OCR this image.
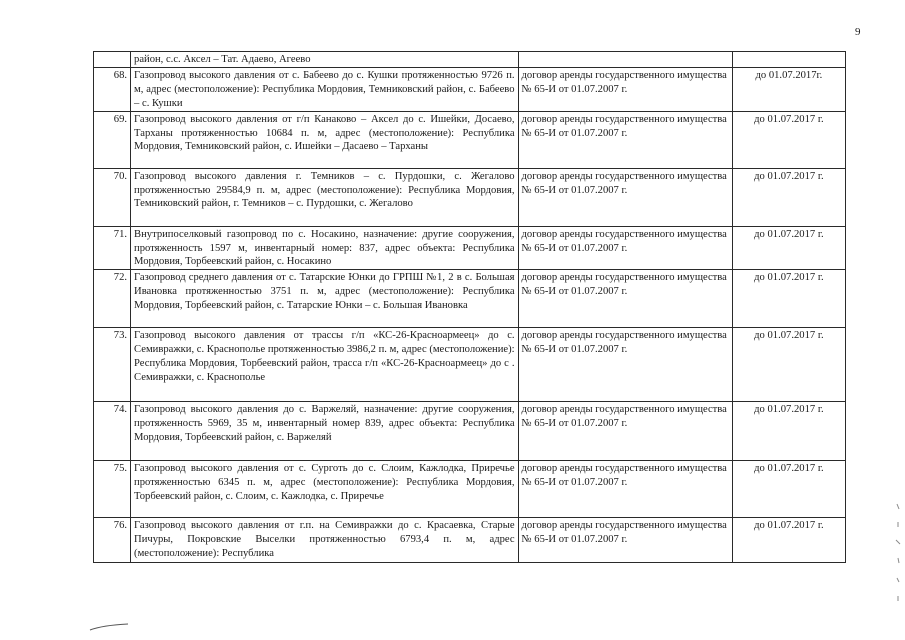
9
	район, с.с. Аксел – Тат. Адаево, Агеево		
68.	Газопровод высокого давления от с. Бабеево до с. Кушки протяженностью 9726 п. м, адрес (местоположение): Республика Мордовия, Темниковский район, с. Бабеево – с. Кушки	договор аренды государственного имущества № 65-И от 01.07.2007 г.	до 01.07.2017г.
69.	Газопровод высокого давления от г/п Канаково – Аксел до с. Ишейки, Досаево, Тарханы протяженностью 10684 п. м, адрес (местоположение): Республика Мордовия, Темниковский район, с. Ишейки – Дасаево – Тарханы	договор аренды государственного имущества № 65-И от 01.07.2007 г.	до 01.07.2017 г.
70.	Газопровод высокого давления г. Темников – с. Пурдошки, с. Жегалово протяженностью 29584,9 п. м, адрес (местоположение): Республика Мордовия, Темниковский район, г. Темников – с. Пурдошки, с. Жегалово	договор аренды государственного имущества № 65-И от 01.07.2007 г.	до 01.07.2017 г.
71.	Внутрипоселковый газопровод по с. Носакино, назначение: другие сооружения, протяженность 1597 м, инвентарный номер: 837, адрес объекта: Республика Мордовия, Торбеевский район, с. Носакино	договор аренды государственного имущества № 65-И от 01.07.2007 г.	до 01.07.2017 г.
72.	Газопровод среднего давления от с. Татарские Юнки до ГРПШ №1, 2 в с. Большая Ивановка протяженностью 3751 п. м, адрес (местоположение): Республика Мордовия, Торбеевский район, с. Татарские Юнки – с. Большая Ивановка	договор аренды государственного имущества № 65-И от 01.07.2007 г.	до 01.07.2017 г.
73.	Газопровод высокого давления от трассы г/п «КС-26-Красноармеец» до с. Семивражки, с. Краснополье протяженностью 3986,2 п. м, адрес (местоположение): Республика Мордовия, Торбеевский район, трасса г/п «КС-26-Красноармеец» до с . Семивражки, с. Краснополье	договор аренды государственного имущества № 65-И от 01.07.2007 г.	до 01.07.2017 г.
74.	Газопровод высокого давления до с. Варжеляй, назначение: другие сооружения, протяженность 5969, 35 м, инвентарный номер 839, адрес объекта: Республика Мордовия, Торбеевский район, с. Варжеляй	договор аренды государственного имущества № 65-И от 01.07.2007 г.	до 01.07.2017 г.
75.	Газопровод высокого давления от с. Сурготь до с. Слоим, Кажлодка, Приречье протяженностью 6345 п. м, адрес (местоположение): Республика Мордовия, Торбеевский район, с. Слоим, с. Кажлодка, с. Приречье	договор аренды государственного имущества № 65-И от 01.07.2007 г.	до 01.07.2017 г.
76.	Газопровод высокого давления от г.п. на Семивражки до с. Красаевка, Старые Пичуры, Покровские Выселки протяженностью 6793,4 п. м, адрес (местоположение): Республика	договор аренды государственного имущества № 65-И от 01.07.2007 г.	до 01.07.2017 г.
